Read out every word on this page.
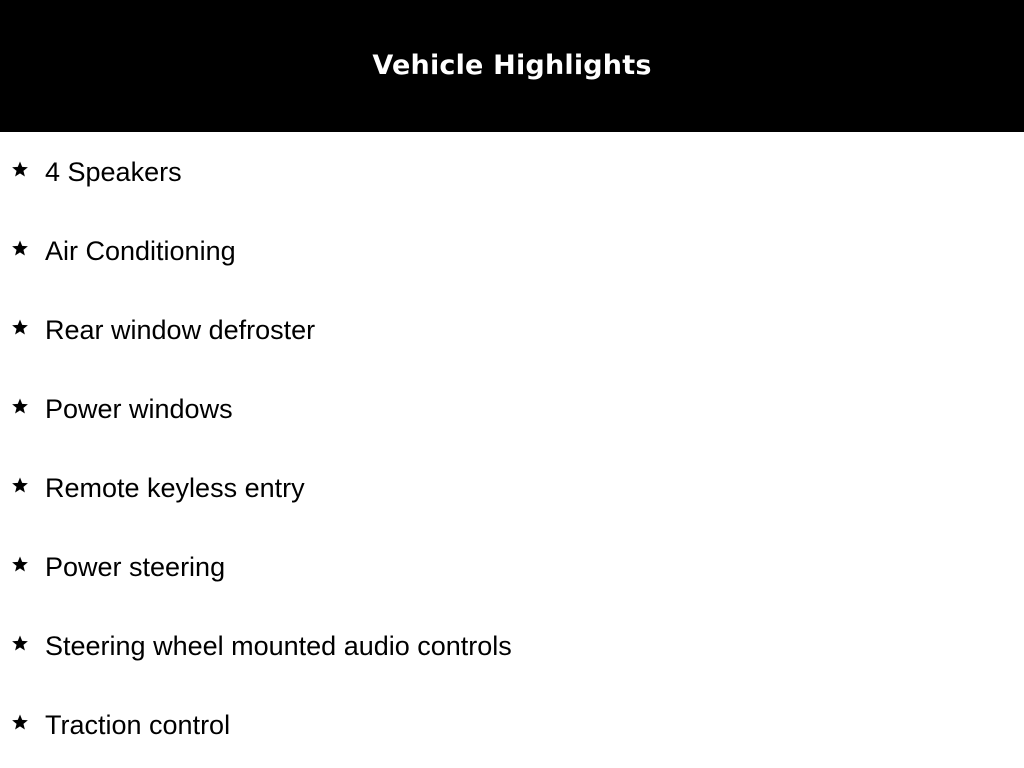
Vehicle Highlights
4 Speakers
Air Conditioning
Rear window defroster
Power windows
Remote keyless entry
Power steering
Steering wheel mounted audio controls
Traction control
